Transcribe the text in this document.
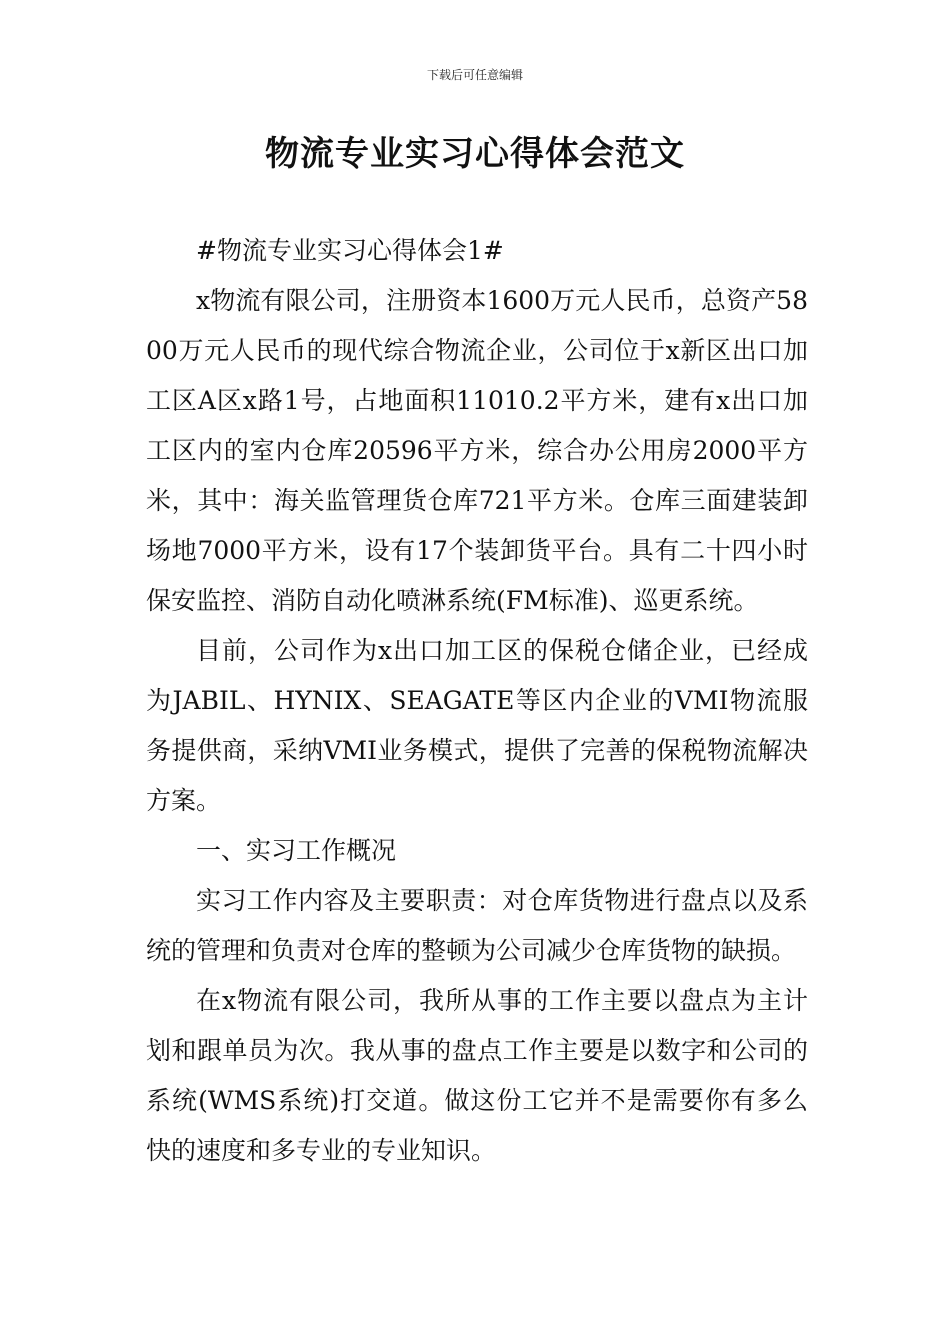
下载后可任意编辑
物流专业实习心得体会范文

#物流专业实习心得体会1#

x物流有限公司，注册资本1600万元人民币，总资产5800万元人民币的现代综合物流企业，公司位于x新区出口加工区A区x路1号，占地面积11010.2平方米，建有x出口加工区内的室内仓库20596平方米，综合办公用房2000平方米，其中：海关监管理货仓库721平方米。仓库三面建装卸场地7000平方米，设有17个装卸货平台。具有二十四小时保安监控、消防自动化喷淋系统(FM标准)、巡更系统。

目前，公司作为x出口加工区的保税仓储企业，已经成为JABIL、HYNIX、SEAGATE等区内企业的VMI物流服务提供商，采纳VMI业务模式，提供了完善的保税物流解决方案。

一、实习工作概况

实习工作内容及主要职责：对仓库货物进行盘点以及系统的管理和负责对仓库的整顿为公司减少仓库货物的缺损。

在x物流有限公司，我所从事的工作主要以盘点为主计划和跟单员为次。我从事的盘点工作主要是以数字和公司的系统(WMS系统)打交道。做这份工它并不是需要你有多么快的速度和多专业的专业知识。
